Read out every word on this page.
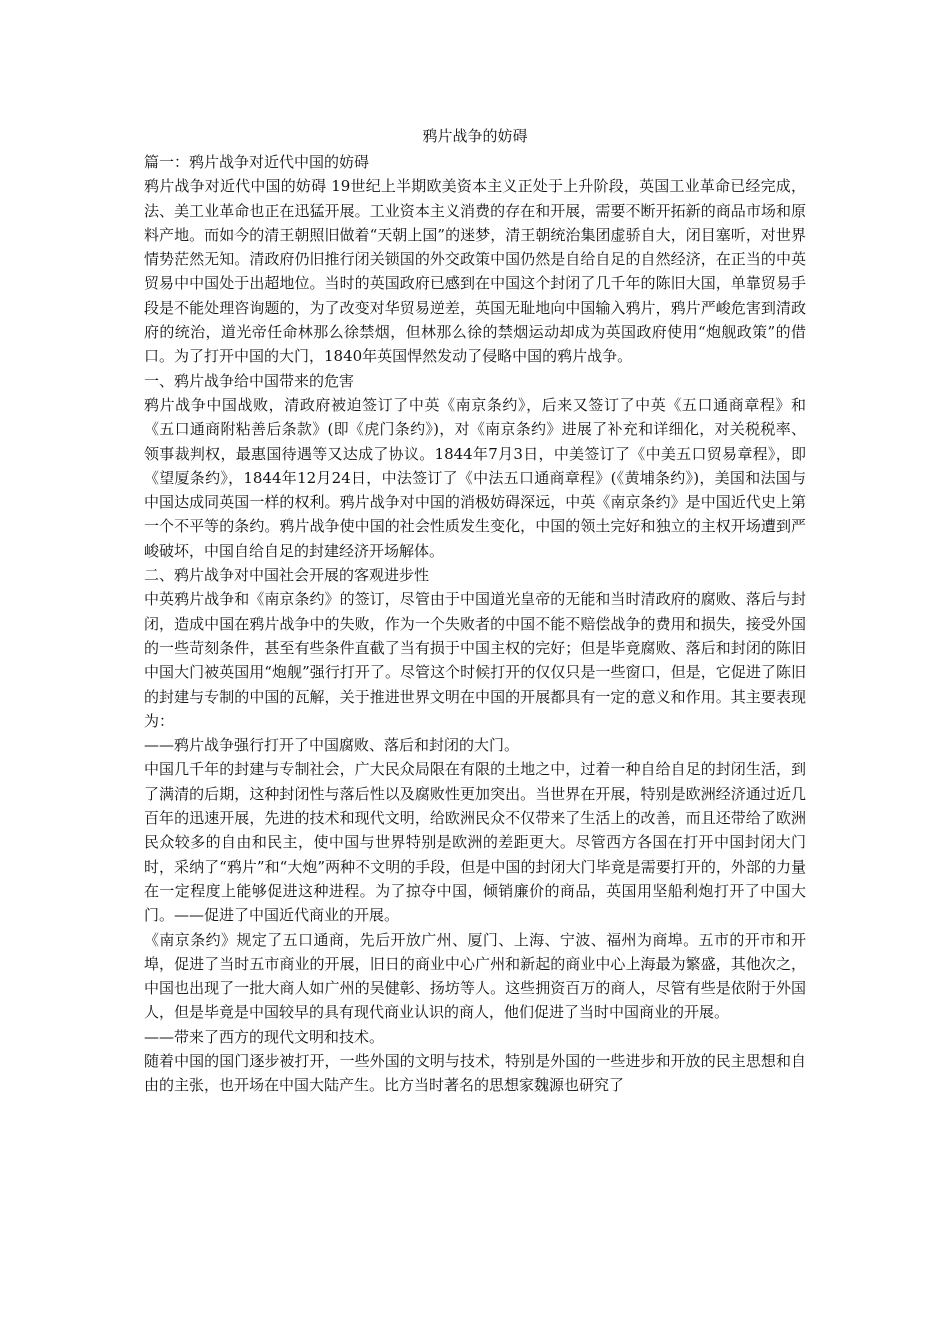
鸦片战争的妨碍
篇一：鸦片战争对近代中国的妨碍

鸦片战争对近代中国的妨碍 19世纪上半期欧美资本主义正处于上升阶段，英国工业革命已经完成，法、美工业革命也正在迅猛开展。工业资本主义消费的存在和开展，需要不断开拓新的商品市场和原料产地。而如今的清王朝照旧做着“天朝上国”的迷梦，清王朝统治集团虚骄自大，闭目塞听，对世界情势茫然无知。清政府仍旧推行闭关锁国的外交政策中国仍然是自给自足的自然经济，在正当的中英贸易中中国处于出超地位。当时的英国政府已感到在中国这个封闭了几千年的陈旧大国，单靠贸易手段是不能处理咨询题的，为了改变对华贸易逆差，英国无耻地向中国输入鸦片，鸦片严峻危害到清政府的统治，道光帝任命林那么徐禁烟，但林那么徐的禁烟运动却成为英国政府使用“炮舰政策”的借口。为了打开中国的大门，1840年英国悍然发动了侵略中国的鸦片战争。

一、鸦片战争给中国带来的危害

鸦片战争中国战败，清政府被迫签订了中英《南京条约》，后来又签订了中英《五口通商章程》和《五口通商附粘善后条款》(即《虎门条约》)，对《南京条约》进展了补充和详细化，对关税税率、领事裁判权，最惠国待遇等又达成了协议。1844年7月3日，中美签订了《中美五口贸易章程》，即《望厦条约》，1844年12月24日，中法签订了《中法五口通商章程》(《黄埔条约》)，美国和法国与中国达成同英国一样的权利。鸦片战争对中国的消极妨碍深远，中英《南京条约》是中国近代史上第一个不平等的条约。鸦片战争使中国的社会性质发生变化，中国的领土完好和独立的主权开场遭到严峻破坏，中国自给自足的封建经济开场解体。

二、鸦片战争对中国社会开展的客观进步性

中英鸦片战争和《南京条约》的签订，尽管由于中国道光皇帝的无能和当时清政府的腐败、落后与封闭，造成中国在鸦片战争中的失败，作为一个失败者的中国不能不赔偿战争的费用和损失，接受外国的一些苛刻条件，甚至有些条件直截了当有损于中国主权的完好；但是毕竟腐败、落后和封闭的陈旧中国大门被英国用“炮舰”强行打开了。尽管这个时候打开的仅仅只是一些窗口，但是，它促进了陈旧的封建与专制的中国的瓦解，关于推进世界文明在中国的开展都具有一定的意义和作用。其主要表现为：

——鸦片战争强行打开了中国腐败、落后和封闭的大门。

中国几千年的封建与专制社会，广大民众局限在有限的土地之中，过着一种自给自足的封闭生活，到了满清的后期，这种封闭性与落后性以及腐败性更加突出。当世界在开展，特别是欧洲经济通过近几百年的迅速开展，先进的技术和现代文明，给欧洲民众不仅带来了生活上的改善，而且还带给了欧洲民众较多的自由和民主，使中国与世界特别是欧洲的差距更大。尽管西方各国在打开中国封闭大门时，采纳了“鸦片”和“大炮”两种不文明的手段，但是中国的封闭大门毕竟是需要打开的，外部的力量在一定程度上能够促进这种进程。为了掠夺中国，倾销廉价的商品，英国用坚船利炮打开了中国大门。——促进了中国近代商业的开展。

《南京条约》规定了五口通商，先后开放广州、厦门、上海、宁波、福州为商埠。五市的开市和开埠，促进了当时五市商业的开展，旧日的商业中心广州和新起的商业中心上海最为繁盛，其他次之，中国也出现了一批大商人如广州的吴健彰、扬坊等人。这些拥资百万的商人，尽管有些是依附于外国人，但是毕竟是中国较早的具有现代商业认识的商人，他们促进了当时中国商业的开展。

——带来了西方的现代文明和技术。

随着中国的国门逐步被打开，一些外国的文明与技术，特别是外国的一些进步和开放的民主思想和自由的主张，也开场在中国大陆产生。比方当时著名的思想家魏源也研究了
